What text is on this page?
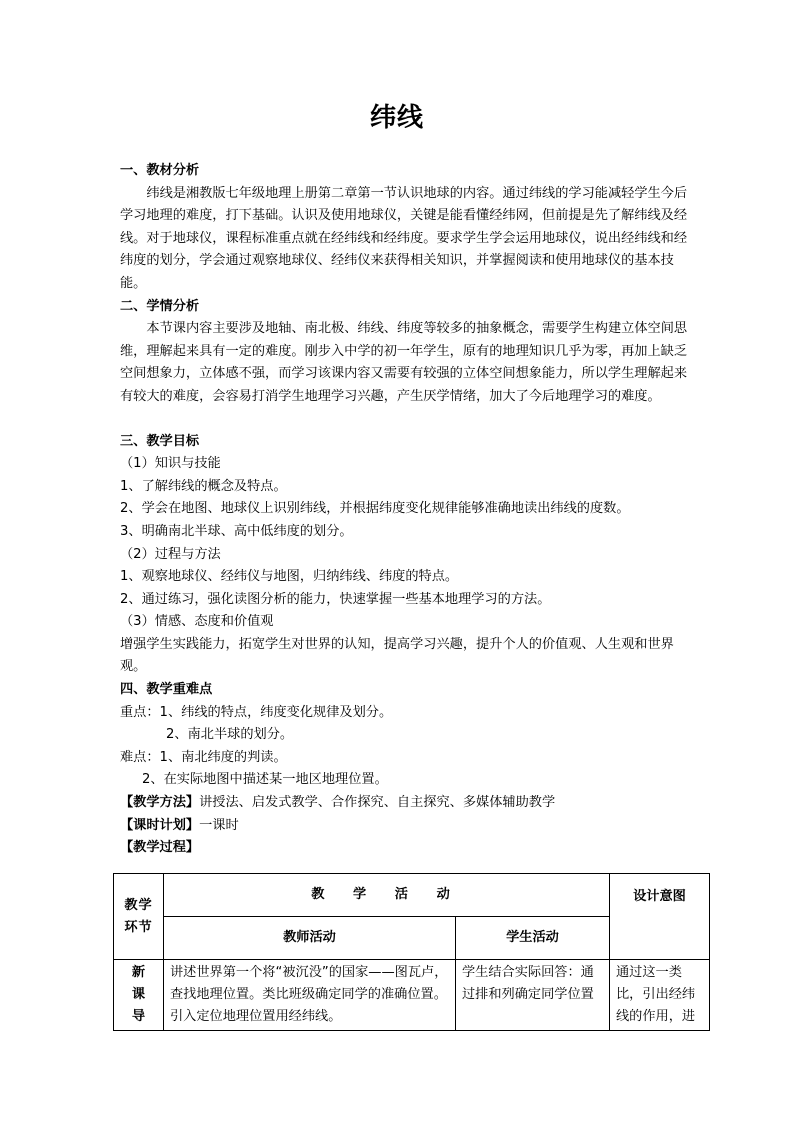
纬线

一、教材分析

纬线是湘教版七年级地理上册第二章第一节认识地球的内容。通过纬线的学习能减轻学生今后学习地理的难度，打下基础。认识及使用地球仪，关键是能看懂经纬网，但前提是先了解纬线及经线。对于地球仪，课程标准重点就在经纬线和经纬度。要求学生学会运用地球仪，说出经纬线和经纬度的划分，学会通过观察地球仪、经纬仪来获得相关知识，并掌握阅读和使用地球仪的基本技能。

二、学情分析

本节课内容主要涉及地轴、南北极、纬线、纬度等较多的抽象概念，需要学生构建立体空间思维，理解起来具有一定的难度。刚步入中学的初一年学生，原有的地理知识几乎为零，再加上缺乏空间想象力，立体感不强，而学习该课内容又需要有较强的立体空间想象能力，所以学生理解起来有较大的难度，会容易打消学生地理学习兴趣，产生厌学情绪，加大了今后地理学习的难度。

三、教学目标

（1）知识与技能

1、了解纬线的概念及特点。

2、学会在地图、地球仪上识别纬线，并根据纬度变化规律能够准确地读出纬线的度数。

3、明确南北半球、高中低纬度的划分。

（2）过程与方法

1、观察地球仪、经纬仪与地图，归纳纬线、纬度的特点。

2、通过练习，强化读图分析的能力，快速掌握一些基本地理学习的方法。

（3）情感、态度和价值观

增强学生实践能力，拓宽学生对世界的认知，提高学习兴趣，提升个人的价值观、人生观和世界观。

四、教学重难点

重点：1、纬线的特点，纬度变化规律及划分。

2、南北半球的划分。

难点：1、南北纬度的判读。

2、在实际地图中描述某一地区地理位置。

【教学方法】讲授法、启发式教学、合作探究、自主探究、多媒体辅助教学

【课时计划】一课时

【教学过程】

教学环节	教 学 活 动		设计意图
	教师活动	学生活动	
新课导	讲述世界第一个将“被沉没”的国家——图瓦卢，查找地理位置。类比班级确定同学的准确位置。引入定位地理位置用经纬线。	学生结合实际回答：通过排和列确定同学位置	通过这一类比，引出经纬线的作用，进
